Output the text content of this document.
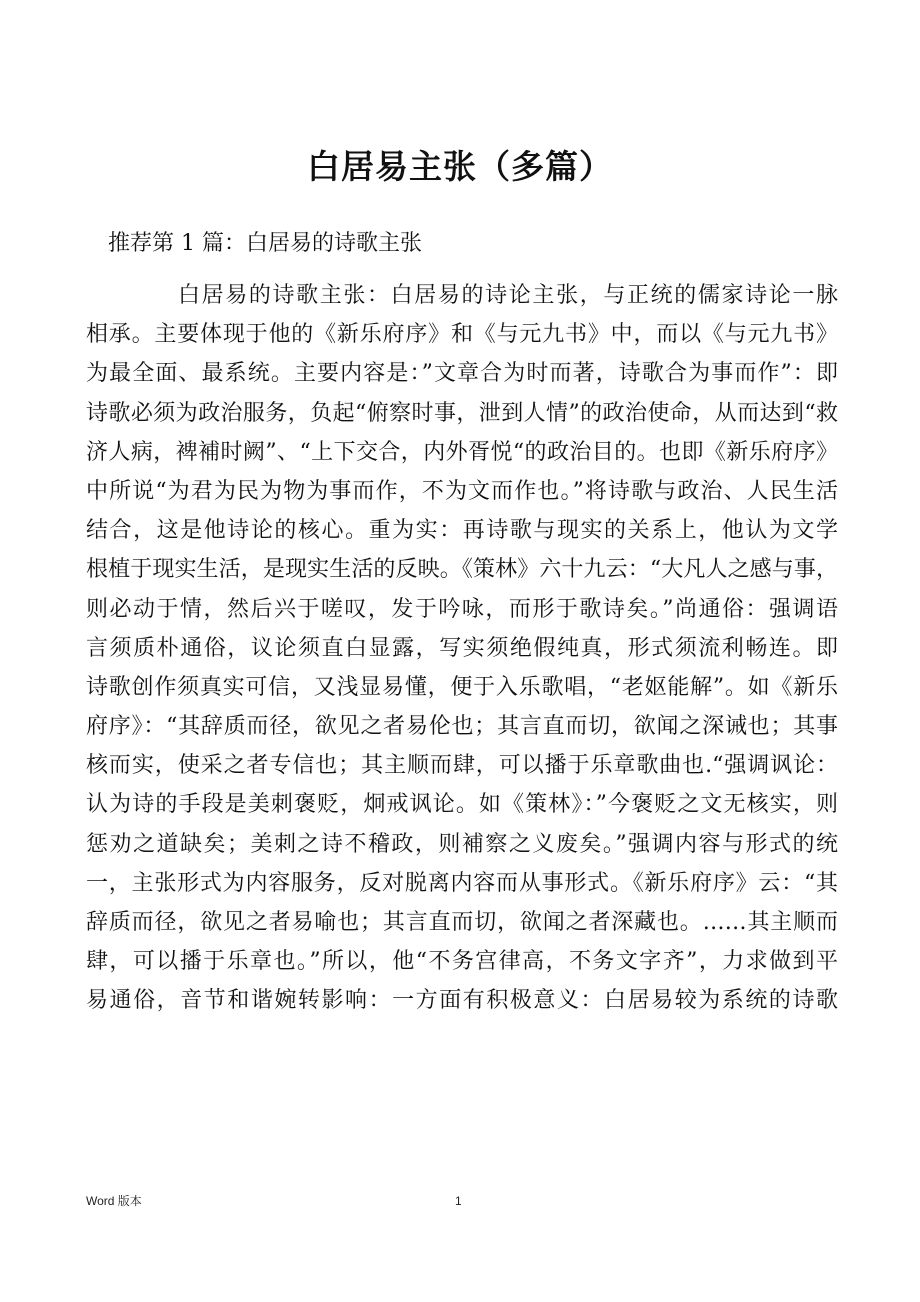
白居易主张（多篇）
推荐第 1 篇：白居易的诗歌主张
白居易的诗歌主张：白居易的诗论主张，与正统的儒家诗论一脉
相承。主要体现于他的《新乐府序》和《与元九书》中，而以《与元九书》
为最全面、最系统。主要内容是：”文章合为时而著，诗歌合为事而作”：即
诗歌必须为政治服务，负起“俯察时事，泄到人情”的政治使命，从而达到“救
济人病，裨補时阙”、“上下交合，内外胥悦“的政治目的。也即《新乐府序》
中所说“为君为民为物为事而作，不为文而作也。”将诗歌与政治、人民生活
结合，这是他诗论的核心。重为实：再诗歌与现实的关系上，他认为文学
根植于现实生活，是现实生活的反映。《策林》六十九云：“大凡人之感与事，
则必动于情，然后兴于嗟叹，发于吟咏，而形于歌诗矣。”尚通俗：强调语
言须质朴通俗，议论须直白显露，写实须绝假纯真，形式须流利畅连。即
诗歌创作须真实可信，又浅显易懂，便于入乐歌唱，“老妪能解”。如《新乐
府序》：“其辞质而径，欲见之者易伦也；其言直而切，欲闻之深诫也；其事
核而实，使采之者专信也；其主顺而肆，可以播于乐章歌曲也.“强调讽论：
认为诗的手段是美刺褒贬，炯戒讽论。如《策林》：”今褒贬之文无核实，则
惩劝之道缺矣；美刺之诗不稽政，则補察之义废矣。”强调内容与形式的统
一，主张形式为内容服务，反对脱离内容而从事形式。《新乐府序》云：“其
辞质而径，欲见之者易喻也；其言直而切，欲闻之者深藏也。……其主顺而
肆，可以播于乐章也。”所以，他“不务宫律高，不务文字齐”，力求做到平
易通俗，音节和谐婉转影响：一方面有积极意义：白居易较为系统的诗歌
Word 版本	1
